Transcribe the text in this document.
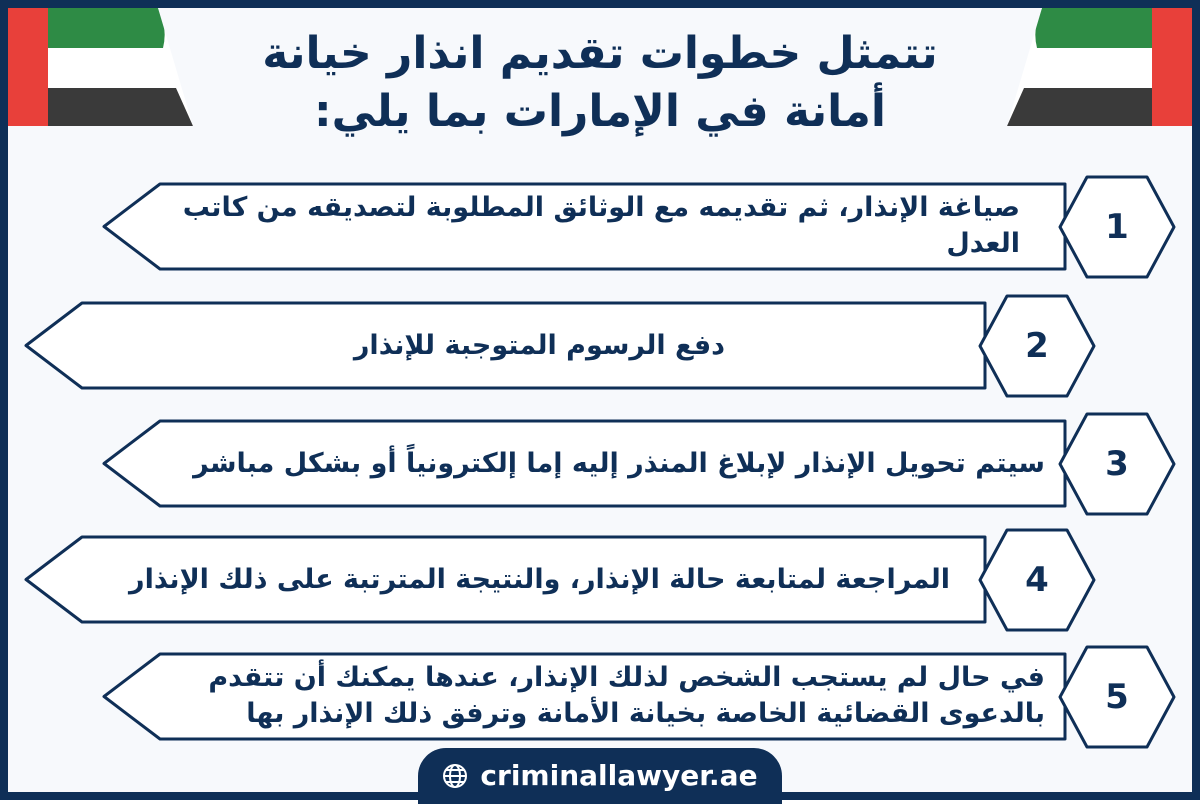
تتمثل خطوات تقديم انذار خيانة
أمانة في الإمارات بما يلي:
1
2
3
4
5
صياغة الإنذار، ثم تقديمه مع الوثائق المطلوبة لتصديقه من كاتب العدل
دفع الرسوم المتوجبة للإنذار
سيتم تحويل الإنذار لإبلاغ المنذر إليه إما إلكترونياً أو بشكل مباشر
المراجعة لمتابعة حالة الإنذار، والنتيجة المترتبة على ذلك الإنذار
في حال لم يستجب الشخص لذلك الإنذار، عندها يمكنك أن تتقدم بالدعوى القضائية الخاصة بخيانة الأمانة وترفق ذلك الإنذار بها
criminallawyer.ae
